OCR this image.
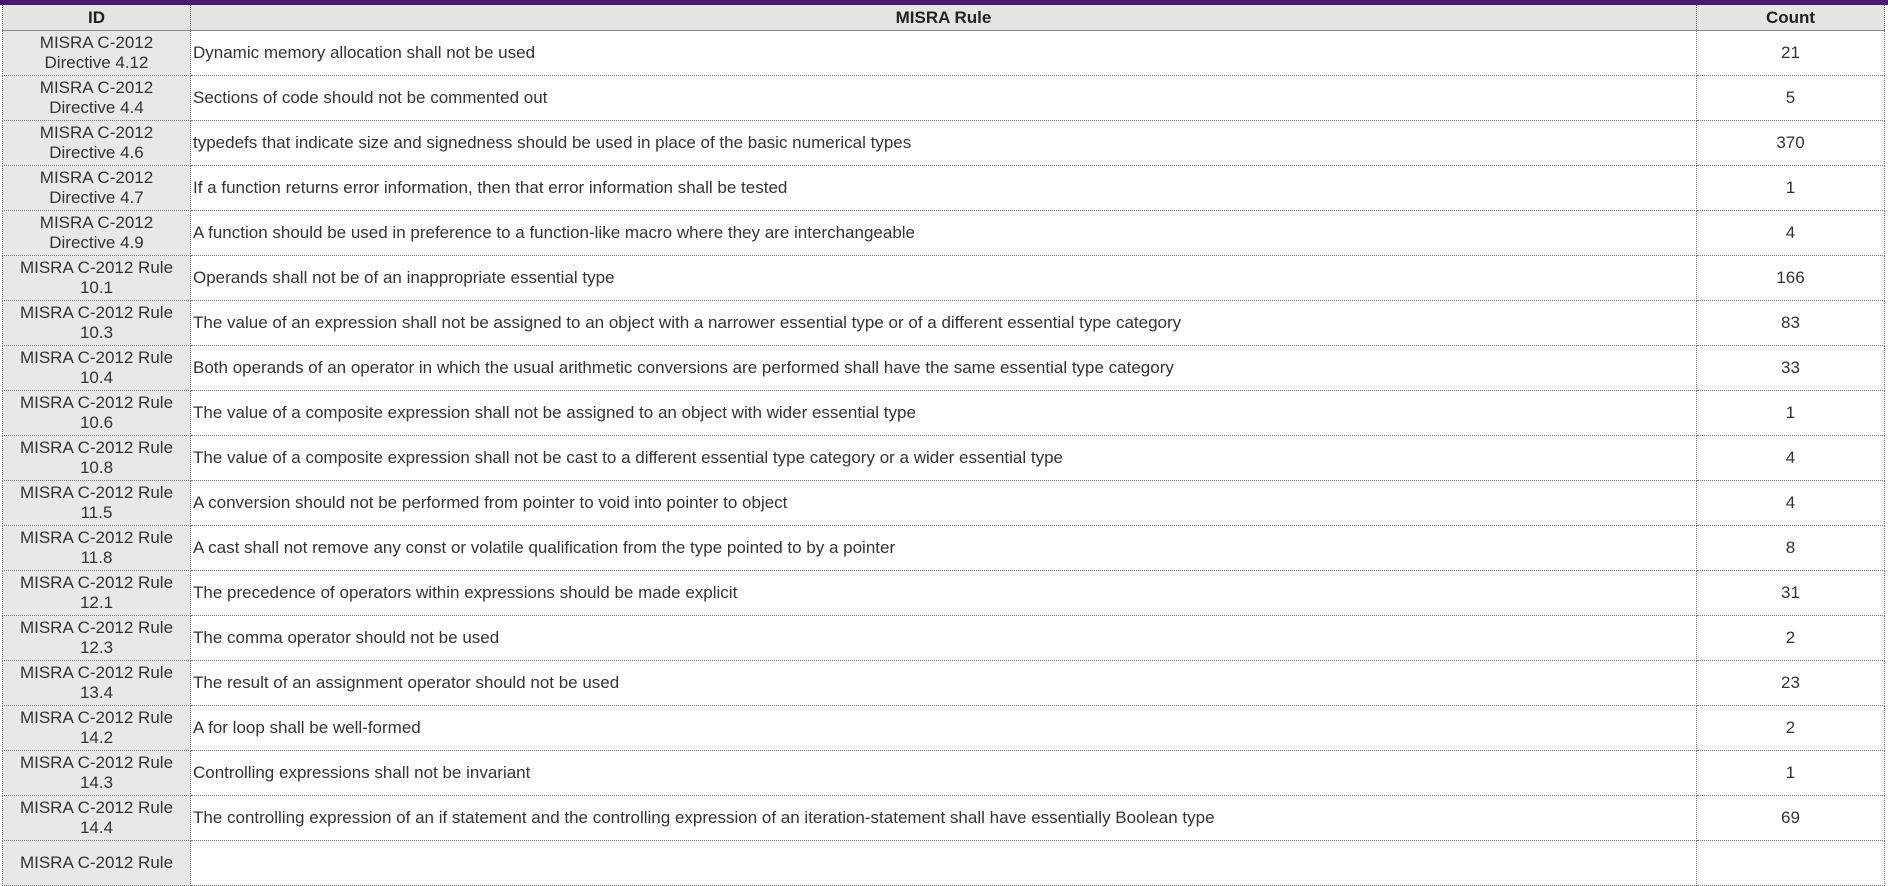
ID	MISRA Rule	Count
MISRA C-2012 Directive 4.12	Dynamic memory allocation shall not be used	21
MISRA C-2012 Directive 4.4	Sections of code should not be commented out	5
MISRA C-2012 Directive 4.6	typedefs that indicate size and signedness should be used in place of the basic numerical types	370
MISRA C-2012 Directive 4.7	If a function returns error information, then that error information shall be tested	1
MISRA C-2012 Directive 4.9	A function should be used in preference to a function-like macro where they are interchangeable	4
MISRA C-2012 Rule 10.1	Operands shall not be of an inappropriate essential type	166
MISRA C-2012 Rule 10.3	The value of an expression shall not be assigned to an object with a narrower essential type or of a different essential type category	83
MISRA C-2012 Rule 10.4	Both operands of an operator in which the usual arithmetic conversions are performed shall have the same essential type category	33
MISRA C-2012 Rule 10.6	The value of a composite expression shall not be assigned to an object with wider essential type	1
MISRA C-2012 Rule 10.8	The value of a composite expression shall not be cast to a different essential type category or a wider essential type	4
MISRA C-2012 Rule 11.5	A conversion should not be performed from pointer to void into pointer to object	4
MISRA C-2012 Rule 11.8	A cast shall not remove any const or volatile qualification from the type pointed to by a pointer	8
MISRA C-2012 Rule 12.1	The precedence of operators within expressions should be made explicit	31
MISRA C-2012 Rule 12.3	The comma operator should not be used	2
MISRA C-2012 Rule 13.4	The result of an assignment operator should not be used	23
MISRA C-2012 Rule 14.2	A for loop shall be well-formed	2
MISRA C-2012 Rule 14.3	Controlling expressions shall not be invariant	1
MISRA C-2012 Rule 14.4	The controlling expression of an if statement and the controlling expression of an iteration-statement shall have essentially Boolean type	69
MISRA C-2012 Rule		
